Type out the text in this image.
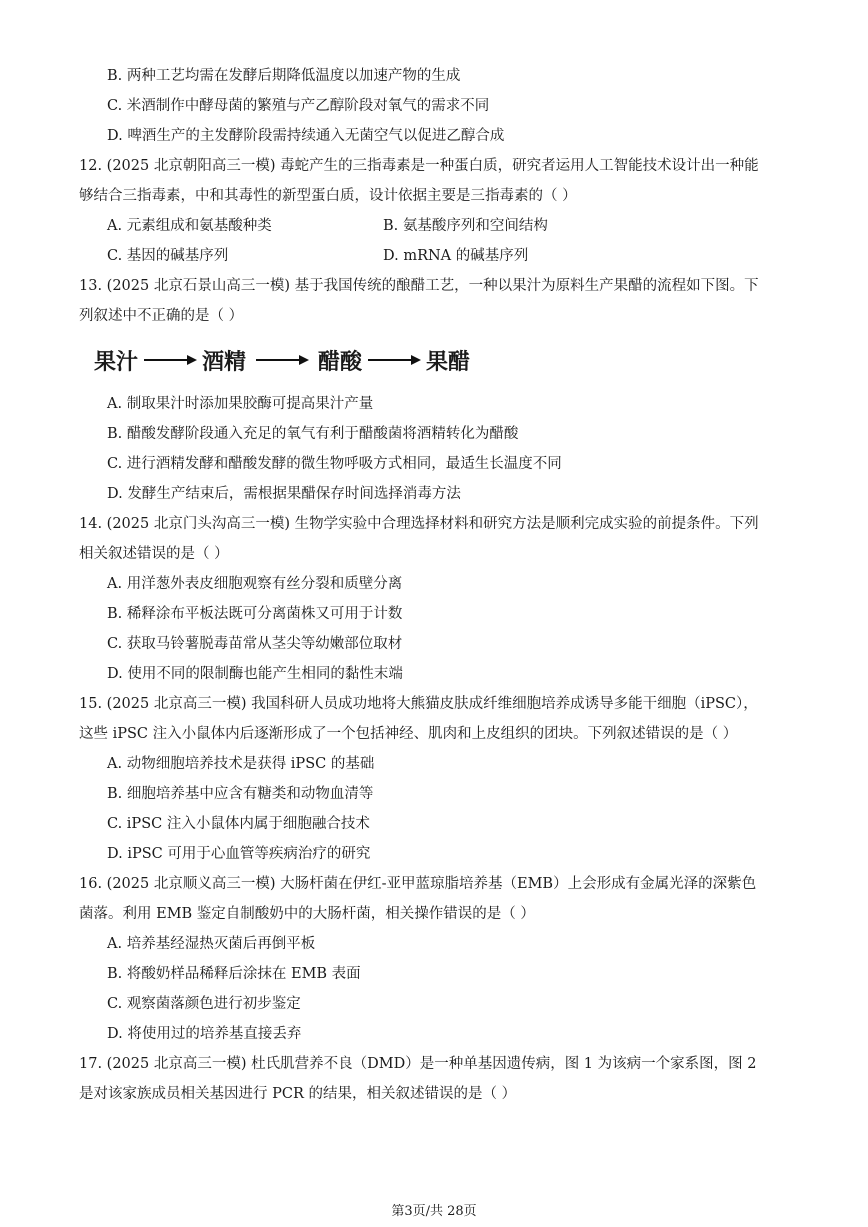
B. 两种工艺均需在发酵后期降低温度以加速产物的生成
C. 米酒制作中酵母菌的繁殖与产乙醇阶段对氧气的需求不同
D. 啤酒生产的主发酵阶段需持续通入无菌空气以促进乙醇合成
12. (2025 北京朝阳高三一模) 毒蛇产生的三指毒素是一种蛋白质，研究者运用人工智能技术设计出一种能
够结合三指毒素，中和其毒性的新型蛋白质，设计依据主要是三指毒素的（ ）
A. 元素组成和氨基酸种类	B. 氨基酸序列和空间结构
C. 基因的碱基序列	D. mRNA 的碱基序列
13. (2025 北京石景山高三一模) 基于我国传统的酿醋工艺，一种以果汁为原料生产果醋的流程如下图。下
列叙述中不正确的是（ ）
果汁	酒精	醋酸	果醋
A. 制取果汁时添加果胶酶可提高果汁产量
B. 醋酸发酵阶段通入充足的氧气有利于醋酸菌将酒精转化为醋酸
C. 进行酒精发酵和醋酸发酵的微生物呼吸方式相同，最适生长温度不同
D. 发酵生产结束后，需根据果醋保存时间选择消毒方法
14. (2025 北京门头沟高三一模) 生物学实验中合理选择材料和研究方法是顺利完成实验的前提条件。下列
相关叙述错误的是（ ）
A. 用洋葱外表皮细胞观察有丝分裂和质壁分离
B. 稀释涂布平板法既可分离菌株又可用于计数
C. 获取马铃薯脱毒苗常从茎尖等幼嫩部位取材
D. 使用不同的限制酶也能产生相同的黏性末端
15. (2025 北京高三一模) 我国科研人员成功地将大熊猫皮肤成纤维细胞培养成诱导多能干细胞（iPSC），
这些 iPSC 注入小鼠体内后逐渐形成了一个包括神经、肌肉和上皮组织的团块。下列叙述错误的是（ ）
A. 动物细胞培养技术是获得 iPSC 的基础
B. 细胞培养基中应含有糖类和动物血清等
C. iPSC 注入小鼠体内属于细胞融合技术
D. iPSC 可用于心血管等疾病治疗的研究
16. (2025 北京顺义高三一模) 大肠杆菌在伊红-亚甲蓝琼脂培养基（EMB）上会形成有金属光泽的深紫色
菌落。利用 EMB 鉴定自制酸奶中的大肠杆菌，相关操作错误的是（ ）
A. 培养基经湿热灭菌后再倒平板
B. 将酸奶样品稀释后涂抹在 EMB 表面
C. 观察菌落颜色进行初步鉴定
D. 将使用过的培养基直接丢弃
17. (2025 北京高三一模) 杜氏肌营养不良（DMD）是一种单基因遗传病，图 1 为该病一个家系图，图 2
是对该家族成员相关基因进行 PCR 的结果，相关叙述错误的是（ ）
第3页/共 28页
